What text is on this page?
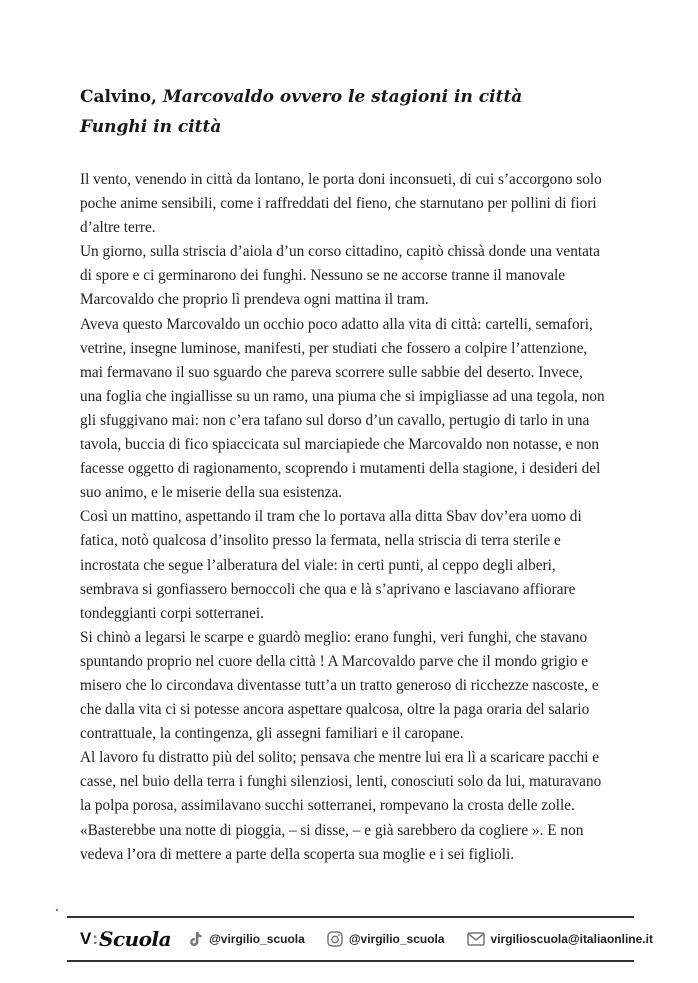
Calvino, Marcovaldo ovvero le stagioni in città
Funghi in città
Il vento, venendo in città da lontano, le porta doni inconsueti, di cui s’accorgono solo
poche anime sensibili, come i raffreddati del fieno, che starnutano per pollini di fiori
d’altre terre.
Un giorno, sulla striscia d’aiola d’un corso cittadino, capitò chissà donde una ventata
di spore e ci germinarono dei funghi. Nessuno se ne accorse tranne il manovale
Marcovaldo che proprio lì prendeva ogni mattina il tram.
Aveva questo Marcovaldo un occhio poco adatto alla vita di città: cartelli, semafori,
vetrine, insegne luminose, manifesti, per studiati che fossero a colpire l’attenzione,
mai fermavano il suo sguardo che pareva scorrere sulle sabbie del deserto. Invece,
una foglia che ingiallisse su un ramo, una piuma che si impigliasse ad una tegola, non
gli sfuggivano mai: non c’era tafano sul dorso d’un cavallo, pertugio di tarlo in una
tavola, buccia di fico spiaccicata sul marciapiede che Marcovaldo non notasse, e non
facesse oggetto di ragionamento, scoprendo i mutamenti della stagione, i desideri del
suo animo, e le miserie della sua esistenza.
Così un mattino, aspettando il tram che lo portava alla ditta Sbav dov’era uomo di
fatica, notò qualcosa d’insolito presso la fermata, nella striscia di terra sterile e
incrostata che segue l’alberatura del viale: in certi punti, al ceppo degli alberi,
sembrava si gonfiassero bernoccoli che qua e là s’aprivano e lasciavano affiorare
tondeggianti corpi sotterranei.
Si chinò a legarsi le scarpe e guardò meglio: erano funghi, veri funghi, che stavano
spuntando proprio nel cuore della città ! A Marcovaldo parve che il mondo grigio e
misero che lo circondava diventasse tutt’a un tratto generoso di ricchezze nascoste, e
che dalla vita ci si potesse ancora aspettare qualcosa, oltre la paga oraria del salario
contrattuale, la contingenza, gli assegni familiari e il caropane.
Al lavoro fu distratto più del solito; pensava che mentre lui era lì a scaricare pacchi e
casse, nel buio della terra i funghi silenziosi, lenti, conosciuti solo da lui, maturavano
la polpa porosa, assimilavano succhi sotterranei, rompevano la crosta delle zolle.
«Basterebbe una notte di pioggia, – si disse, – e già sarebbero da cogliere ». E non
vedeva l’ora di mettere a parte della scoperta sua moglie e i sei figlioli.
V : Scuola	@virgilio_scuola	@virgilio_scuola	virgilioscuola@italiaonline.it
